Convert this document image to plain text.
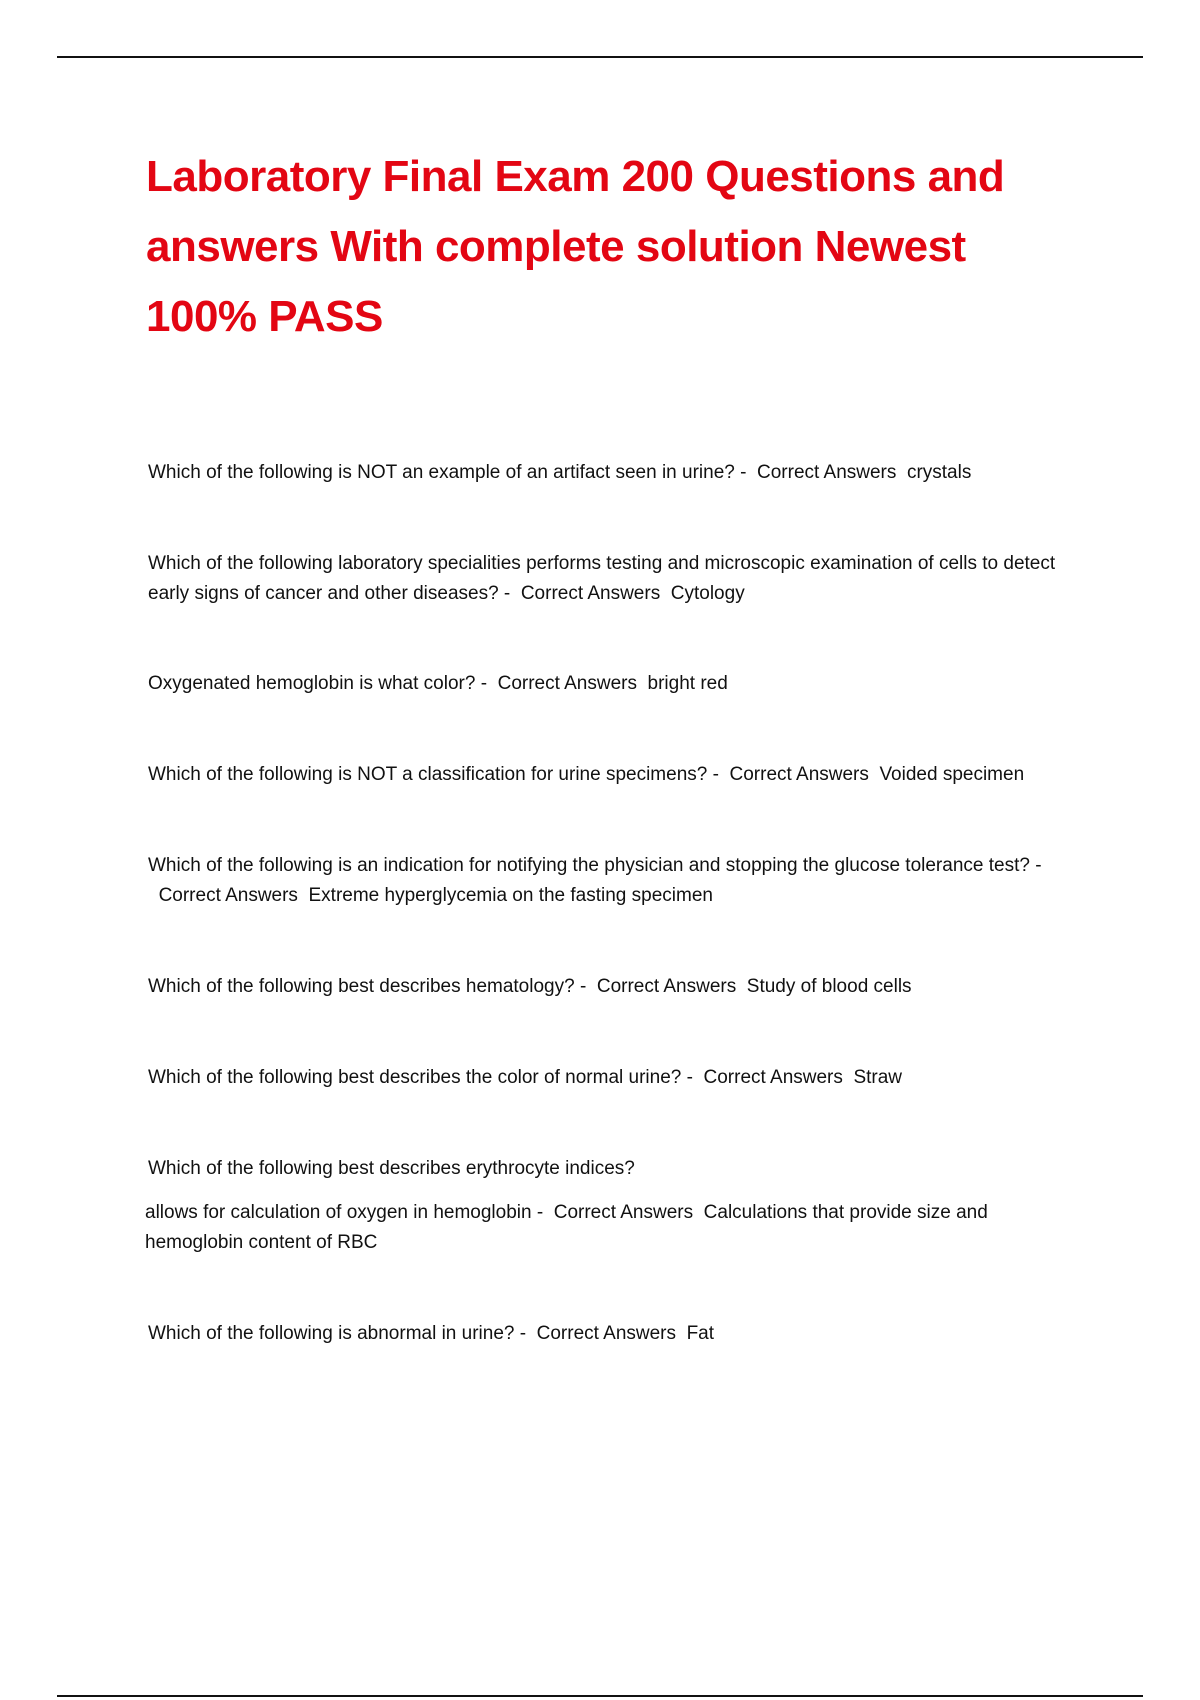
Laboratory Final Exam 200 Questions and answers With complete solution Newest 100% PASS

Which of the following is NOT an example of an artifact seen in urine? - Correct Answers crystals

Which of the following laboratory specialities performs testing and microscopic examination of cells to detect early signs of cancer and other diseases? - Correct Answers Cytology

Oxygenated hemoglobin is what color? - Correct Answers bright red

Which of the following is NOT a classification for urine specimens? - Correct Answers Voided specimen

Which of the following is an indication for notifying the physician and stopping the glucose tolerance test? -  Correct Answers Extreme hyperglycemia on the fasting specimen

Which of the following best describes hematology? - Correct Answers Study of blood cells

Which of the following best describes the color of normal urine? - Correct Answers Straw

Which of the following best describes erythrocyte indices?

allows for calculation of oxygen in hemoglobin - Correct Answers Calculations that provide size and hemoglobin content of RBC

Which of the following is abnormal in urine? - Correct Answers Fat
